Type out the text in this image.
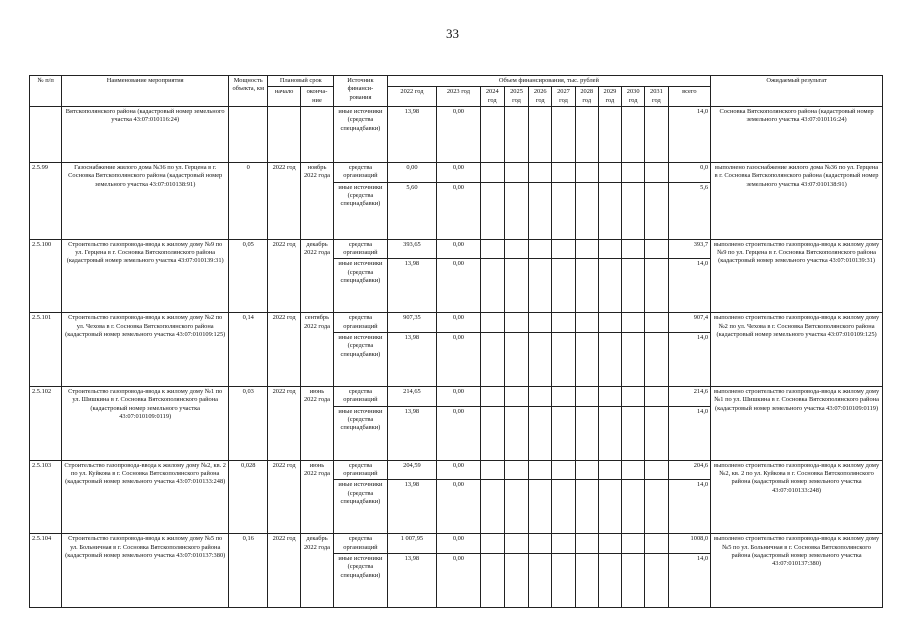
33
№ п/п	Наименование мероприятия	Мощность объекта, км	Плановый срок		Источник финанси- рования	Объем финансирования, тыс. рублей											Ожидаемый результат
			начало	оконча- ние		2022 год	2023 год	2024 год	2025 год	2026 год	2027 год	2028 год	2029 год	2030 год	2031 год	всего	
	Вятскополянского района (кадастровый номер земельного участка 43:07:010116:24)				иные источники (средства спецнадбавки)	13,98	0,00									14,0	Сосновка Вятскополянского района (кадастровый номер земельного участка 43:07:010116:24)
2.5.99	Газоснабжение жилого дома №36 по ул. Герцена в г. Сосновка Вятскополянского района (кадастровый номер земельного участка 43:07:010138:91)	0	2022 год	ноябрь 2022 года	средства организаций	0,00	0,00									0,0	выполнено газоснабжение жилого дома №36 по ул. Герцена в г. Сосновка Вятскополянского района (кадастровый номер земельного участка 43:07:010138:91)
					иные источники (средства спецнадбавки)	5,60	0,00									5,6	
2.5.100	Строительство газопровода-ввода к жилому дому №9 по ул. Герцена в г. Сосновка Вятскополянского района (кадастровый номер земельного участка 43:07:010139:31)	0,05	2022 год	декабрь 2022 года	средства организаций	393,65	0,00									393,7	выполнено строительство газопровода-ввода к жилому дому №9 по ул. Герцена в г. Сосновка Вятскополянского района (кадастровый номер земельного участка 43:07:010139:31)
					иные источники (средства спецнадбавки)	13,98	0,00									14,0	
2.5.101	Строительство газопровода-ввода к жилому дому №2 по ул. Чехова в г. Сосновка Вятскополянского района (кадастровый номер земельного участка 43:07:010109:125)	0,14	2022 год	сентябрь 2022 года	средства организаций	907,35	0,00									907,4	выполнено строительство газопровода-ввода к жилому дому №2 по ул. Чехова в г. Сосновка Вятскополянского района (кадастровый номер земельного участка 43:07:010109:125)
					иные источники (средства спецнадбавки)	13,98	0,00									14,0	
2.5.102	Строительство газопровода-ввода к жилому дому №1 по ул. Шишкина в г. Сосновка Вятскополянского района (кадастровый номер земельного участка 43:07:010109:0119)	0,03	2022 год	июнь 2022 года	средства организаций	214,65	0,00									214,6	выполнено строительство газопровода-ввода к жилому дому №1 по ул. Шишкина в г. Сосновка Вятскополянского района (кадастровый номер земельного участка 43:07:010109:0119)
					иные источники (средства спецнадбавки)	13,98	0,00									14,0	
2.5.103	Строительство газопровода-ввода к жилому дому №2, кв. 2 по ул. Куйкова в г. Сосновка Вятскополянского района (кадастровый номер земельного участка 43:07:010133:248)	0,028	2022 год	июнь 2022 года	средства организаций	204,59	0,00									204,6	выполнено строительство газопровода-ввода к жилому дому №2, кв. 2 по ул. Куйкова в г. Сосновка Вятскополянского района (кадастровый номер земельного участка 43:07:010133:248)
					иные источники (средства спецнадбавки)	13,98	0,00									14,0	
2.5.104	Строительство газопровода-ввода к жилому дому №5 по ул. Больничная в г. Сосновка Вятскополянского района (кадастровый номер земельного участка 43:07:010137:380)	0,16	2022 год	декабрь 2022 года	средства организаций	1 007,95	0,00									1008,0	выполнено строительство газопровода-ввода к жилому дому №5 по ул. Больничная в г. Сосновка Вятскополянского района (кадастровый номер земельного участка 43:07:010137:380)
					иные источники (средства спецнадбавки)	13,98	0,00									14,0	
